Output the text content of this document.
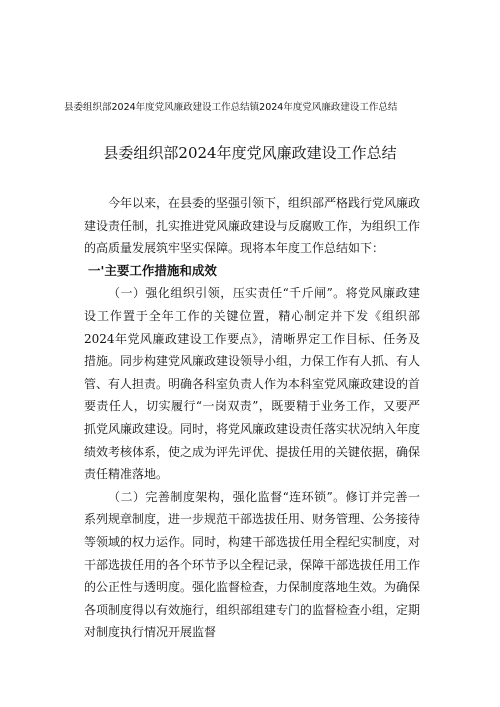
县委组织部2024年度党风廉政建设工作总结镇2024年度党风廉政建设工作总结
县委组织部2024年度党风廉政建设工作总结

今年以来，在县委的坚强引领下，组织部严格践行党风廉政建设责任制，扎实推进党风廉政建设与反腐败工作，为组织工作的高质量发展筑牢坚实保障。现将本年度工作总结如下：

一'主要工作措施和成效

（一）强化组织引领，压实责任“千斤闸”。将党风廉政建设工作置于全年工作的关键位置，精心制定并下发《组织部2024年党风廉政建设工作要点》，清晰界定工作目标、任务及措施。同步构建党风廉政建设领导小组，力保工作有人抓、有人管、有人担责。明确各科室负责人作为本科室党风廉政建设的首要责任人，切实履行“一岗双责”，既要精于业务工作，又要严抓党风廉政建设。同时，将党风廉政建设责任落实状况纳入年度绩效考核体系，使之成为评先评优、提拔任用的关键依据，确保责任精准落地。

（二）完善制度架构，强化监督“连环锁”。修订并完善一系列规章制度，进一步规范干部选拔任用、财务管理、公务接待等领域的权力运作。同时，构建干部选拔任用全程纪实制度，对干部选拔任用的各个环节予以全程记录，保障干部选拔任用工作的公正性与透明度。强化监督检查，力保制度落地生效。为确保各项制度得以有效施行，组织部组建专门的监督检查小组，定期对制度执行情况开展监督
